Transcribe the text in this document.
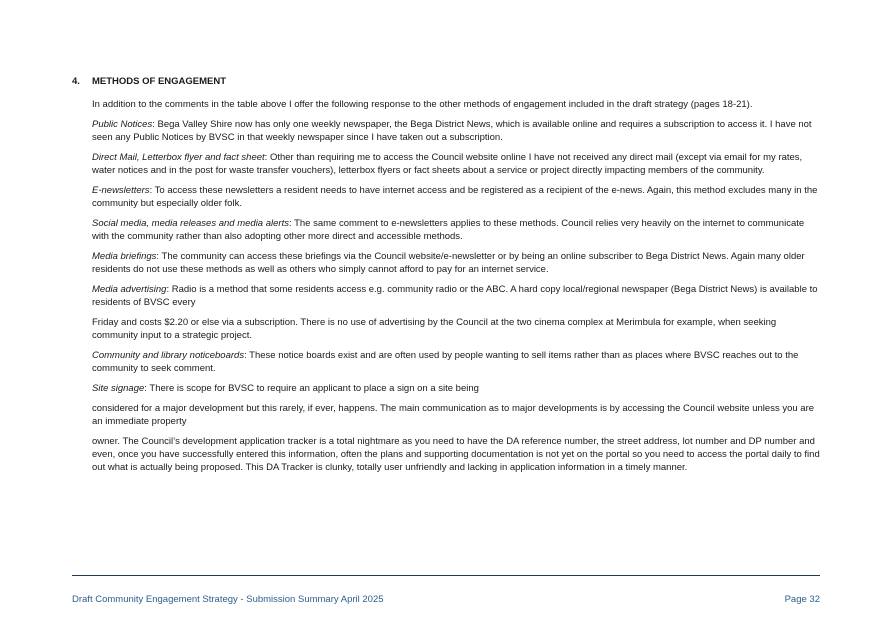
4.	METHODS OF ENGAGEMENT

In addition to the comments in the table above I offer the following response to the other methods of engagement included in the draft strategy (pages 18-21).

Public Notices: Bega Valley Shire now has only one weekly newspaper, the Bega District News, which is available online and requires a subscription to access it. I have not seen any Public Notices by BVSC in that weekly newspaper since I have taken out a subscription.

Direct Mail, Letterbox flyer and fact sheet: Other than requiring me to access the Council website online I have not received any direct mail (except via email for my rates, water notices and in the post for waste transfer vouchers), letterbox flyers or fact sheets about a service or project directly impacting members of the community.

E-newsletters: To access these newsletters a resident needs to have internet access and be registered as a recipient of the e-news. Again, this method excludes many in the community but especially older folk.

Social media, media releases and media alerts: The same comment to e-newsletters applies to these methods. Council relies very heavily on the internet to communicate with the community rather than also adopting other more direct and accessible methods.

Media briefings: The community can access these briefings via the Council website/e-newsletter or by being an online subscriber to Bega District News. Again many older residents do not use these methods as well as others who simply cannot afford to pay for an internet service.

Media advertising: Radio is a method that some residents access e.g. community radio or the ABC. A hard copy local/regional newspaper (Bega District News) is available to residents of BVSC every

Friday and costs $2.20 or else via a subscription. There is no use of advertising by the Council at the two cinema complex at Merimbula for example, when seeking community input to a strategic project.

Community and library noticeboards: These notice boards exist and are often used by people wanting to sell items rather than as places where BVSC reaches out to the community to seek comment.

Site signage: There is scope for BVSC to require an applicant to place a sign on a site being

considered for a major development but this rarely, if ever, happens. The main communication as to major developments is by accessing the Council website unless you are an immediate property

owner. The Council’s development application tracker is a total nightmare as you need to have the DA reference number, the street address, lot number and DP number and even, once you have successfully entered this information, often the plans and supporting documentation is not yet on the portal so you need to access the portal daily to find out what is actually being proposed. This DA Tracker is clunky, totally user unfriendly and lacking in application information in a timely manner.

Draft Community Engagement Strategy - Submission Summary April 2025	Page 32
